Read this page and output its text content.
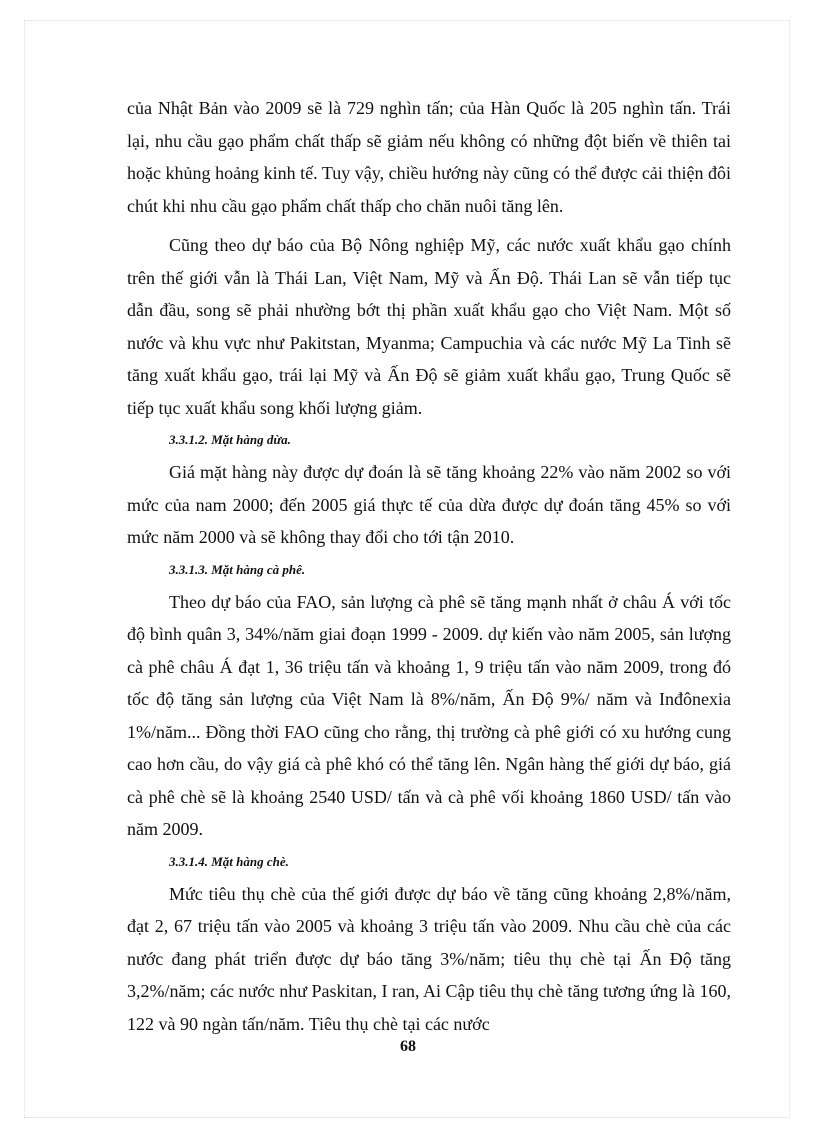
của Nhật Bản vào 2009 sẽ là 729 nghìn tấn; của Hàn Quốc là 205 nghìn tấn. Trái lại, nhu cầu gạo phẩm chất thấp sẽ giảm nếu không có những đột biến về thiên tai hoặc khủng hoảng kinh tế. Tuy vậy, chiều hướng này cũng có thể được cải thiện đôi chút khi nhu cầu gạo phẩm chất thấp cho chăn nuôi tăng lên.

Cũng theo dự báo của Bộ Nông nghiệp Mỹ, các nước xuất khẩu gạo chính trên thế giới vẫn là Thái Lan, Việt Nam, Mỹ và Ấn Độ. Thái Lan sẽ vẫn tiếp tục dẫn đầu, song sẽ phải nhường bớt thị phần xuất khẩu gạo cho Việt Nam. Một số nước và khu vực như Pakitstan, Myanma; Campuchia và các nước Mỹ La Tinh sẽ tăng xuất khẩu gạo, trái lại Mỹ và Ấn Độ sẽ giảm xuất khẩu gạo, Trung Quốc sẽ tiếp tục xuất khẩu song khối lượng giảm.

3.3.1.2. Mặt hàng dừa.

Giá mặt hàng này được dự đoán là sẽ tăng khoảng 22% vào năm 2002 so với mức của nam 2000; đến 2005 giá thực tế của dừa được dự đoán tăng 45% so với mức năm 2000 và sẽ không thay đổi cho tới tận 2010.

3.3.1.3. Mặt hàng cà phê.

Theo dự báo của FAO, sản lượng cà phê sẽ tăng mạnh nhất ở châu Á với tốc độ bình quân 3, 34%/năm giai đoạn 1999 - 2009. dự kiến vào năm 2005, sản lượng cà phê châu Á đạt 1, 36 triệu tấn và khoảng 1, 9 triệu tấn vào năm 2009, trong đó tốc độ tăng sản lượng của Việt Nam là 8%/năm, Ấn Độ 9%/ năm và Inđônexia 1%/năm... Đồng thời FAO cũng cho rằng, thị trường cà phê giới có xu hướng cung cao hơn cầu, do vậy giá cà phê khó có thể tăng lên. Ngân hàng thế giới dự báo, giá cà phê chè sẽ là khoảng 2540 USD/ tấn và cà phê vối khoảng 1860 USD/ tấn vào năm 2009.

3.3.1.4. Mặt hàng chè.

Mức tiêu thụ chè của thế giới được dự báo về tăng cũng khoảng 2,8%/năm, đạt 2, 67 triệu tấn vào 2005 và khoảng 3 triệu tấn vào 2009. Nhu cầu chè của các nước đang phát triển được dự báo tăng 3%/năm; tiêu thụ chè tại Ấn Độ tăng 3,2%/năm; các nước như Paskitan, I ran, Ai Cập tiêu thụ chè tăng tương ứng là 160, 122 và 90 ngàn tấn/năm. Tiêu thụ chè tại các nước

68
